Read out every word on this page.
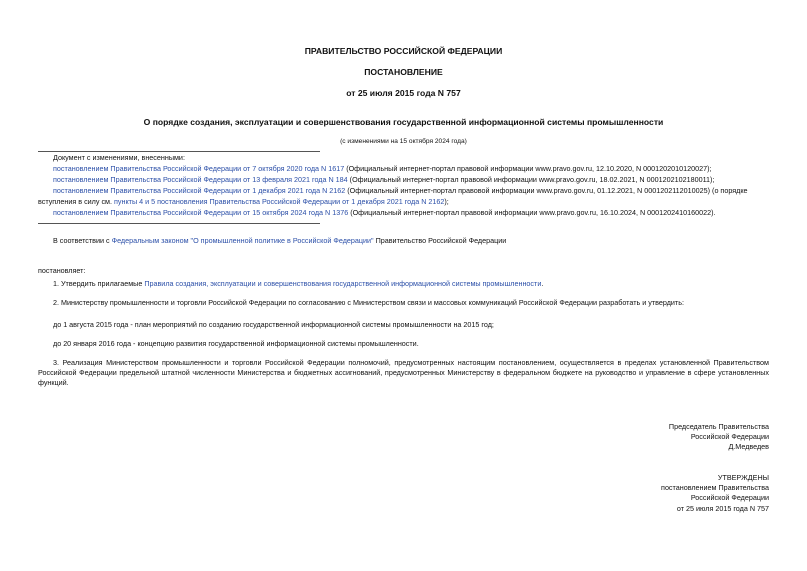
ПРАВИТЕЛЬСТВО РОССИЙСКОЙ ФЕДЕРАЦИИ
ПОСТАНОВЛЕНИЕ
от 25 июля 2015 года N 757
О порядке создания, эксплуатации и совершенствования государственной информационной системы промышленности
(с изменениями на 15 октября 2024 года)
Документ с изменениями, внесенными:
постановлением Правительства Российской Федерации от 7 октября 2020 года N 1617 (Официальный интернет-портал правовой информации www.pravo.gov.ru, 12.10.2020, N 0001202010120027);
постановлением Правительства Российской Федерации от 13 февраля 2021 года N 184 (Официальный интернет-портал правовой информации www.pravo.gov.ru, 18.02.2021, N 0001202102180011);
постановлением Правительства Российской Федерации от 1 декабря 2021 года N 2162 (Официальный интернет-портал правовой информации www.pravo.gov.ru, 01.12.2021, N 0001202112010025) (о порядке
вступления в силу см. пункты 4 и 5 постановления Правительства Российской Федерации от 1 декабря 2021 года N 2162);
постановлением Правительства Российской Федерации от 15 октября 2024 года N 1376 (Официальный интернет-портал правовой информации www.pravo.gov.ru, 16.10.2024, N 0001202410160022).
В соответствии с Федеральным законом "О промышленной политике в Российской Федерации" Правительство Российской Федерации
постановляет:
1. Утвердить прилагаемые Правила создания, эксплуатации и совершенствования государственной информационной системы промышленности.
2. Министерству промышленности и торговли Российской Федерации по согласованию с Министерством связи и массовых коммуникаций Российской Федерации разработать и утвердить:
до 1 августа 2015 года - план мероприятий по созданию государственной информационной системы промышленности на 2015 год;
до 20 января 2016 года - концепцию развития государственной информационной системы промышленности.
3. Реализация Министерством промышленности и торговли Российской Федерации полномочий, предусмотренных настоящим постановлением, осуществляется в пределах установленной Правительством Российской Федерации предельной штатной численности Министерства и бюджетных ассигнований, предусмотренных Министерству в федеральном бюджете на руководство и управление в сфере установленных функций.
Председатель Правительства
Российской Федерации
Д.Медведев
УТВЕРЖДЕНЫ
постановлением Правительства
Российской Федерации
от 25 июля 2015 года N 757
